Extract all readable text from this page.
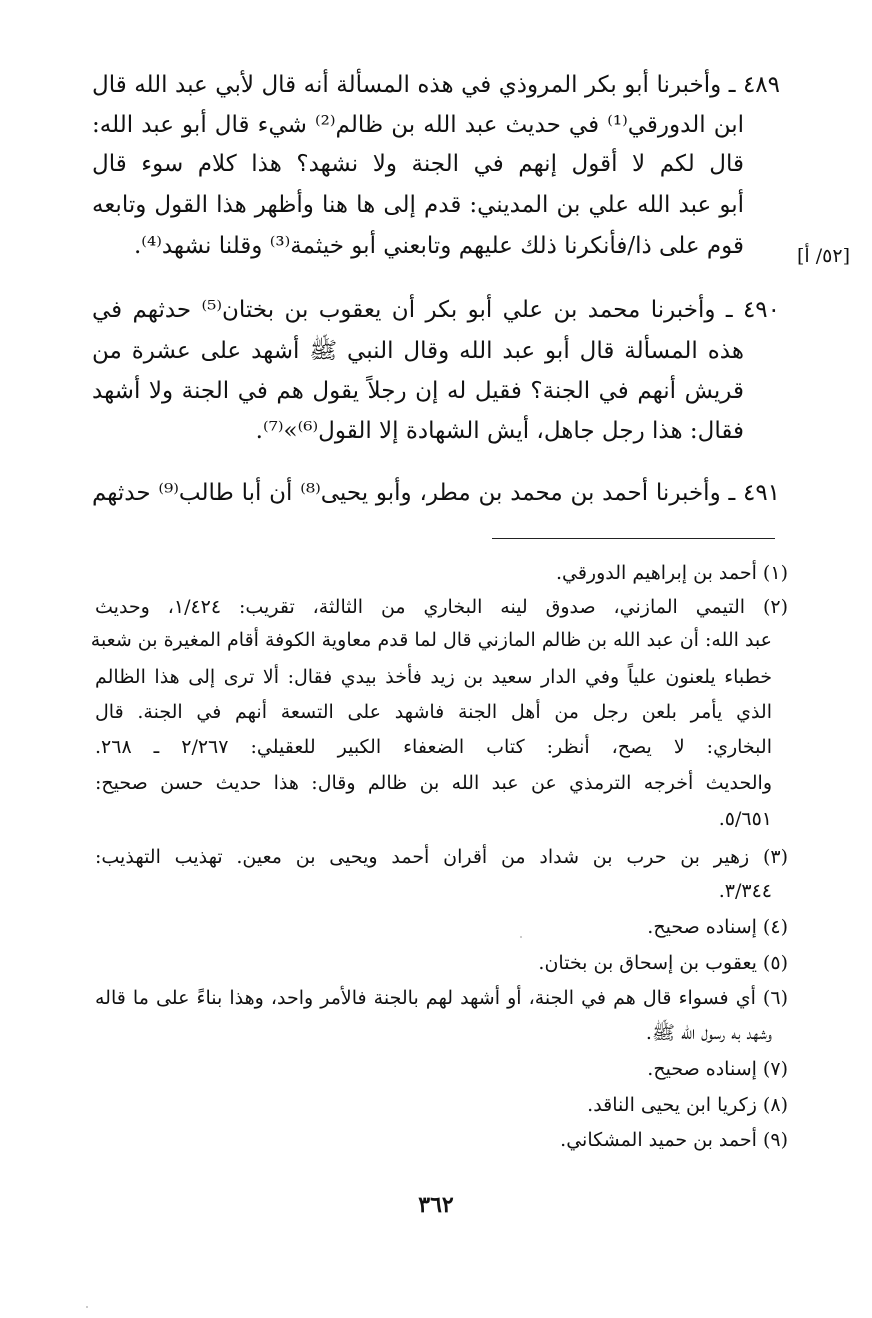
٤٨٩ ـ وأخبرنا أبو بكر المروذي في هذه المسألة أنه قال لأبي عبد الله قال
ابن الدورقي⁽¹⁾ في حديث عبد الله بن ظالم⁽²⁾ شيء قال أبو عبد الله:
قال لكم لا أقول إنهم في الجنة ولا نشهد؟ هذا كلام سوء قال
أبو عبد الله علي بن المديني: قدم إلى ها هنا وأظهر هذا القول وتابعه
قوم على ذا/فأنكرنا ذلك عليهم وتابعني أبو خيثمة⁽³⁾ وقلنا نشهد⁽⁴⁾.	[٥٢/ أ]
٤٩٠ ـ وأخبرنا محمد بن علي أبو بكر أن يعقوب بن بختان⁽⁵⁾ حدثهم في
هذه المسألة قال أبو عبد الله وقال النبي ﷺ أشهد على عشرة من
قريش أنهم في الجنة؟ فقيل له إن رجلاً يقول هم في الجنة ولا أشهد
فقال: هذا رجل جاهل، أيش الشهادة إلا القول⁽⁶⁾»⁽⁷⁾.
٤٩١ ـ وأخبرنا أحمد بن محمد بن مطر، وأبو يحيى⁽⁸⁾ أن أبا طالب⁽⁹⁾ حدثهم
(١) أحمد بن إبراهيم الدورقي.
(٢) التيمي المازني، صدوق لينه البخاري من الثالثة، تقريب: ١/٤٢٤، وحديث
عبد الله: أن عبد الله بن ظالم المازني قال لما قدم معاوية الكوفة أقام المغيرة بن شعبة
خطباء يلعنون علياً وفي الدار سعيد بن زيد فأخذ بيدي فقال: ألا ترى إلى هذا الظالم
الذي يأمر بلعن رجل من أهل الجنة فاشهد على التسعة أنهم في الجنة. قال
البخاري: لا يصح، أنظر: كتاب الضعفاء الكبير للعقيلي: ٢/٢٦٧ ـ ٢٦٨.
والحديث أخرجه الترمذي عن عبد الله بن ظالم وقال: هذا حديث حسن صحيح:
٥/٦٥١.
(٣) زهير بن حرب بن شداد من أقران أحمد ويحيى بن معين. تهذيب التهذيب:
٣/٣٤٤.
(٤) إسناده صحيح.
(٥) يعقوب بن إسحاق بن بختان.
(٦) أي فسواء قال هم في الجنة، أو أشهد لهم بالجنة فالأمر واحد، وهذا بناءً على ما قاله
وشهد به رسول الله ﷺ.
(٧) إسناده صحيح.
(٨) زكريا ابن يحيى الناقد.
(٩) أحمد بن حميد المشكاني.
٣٦٢
